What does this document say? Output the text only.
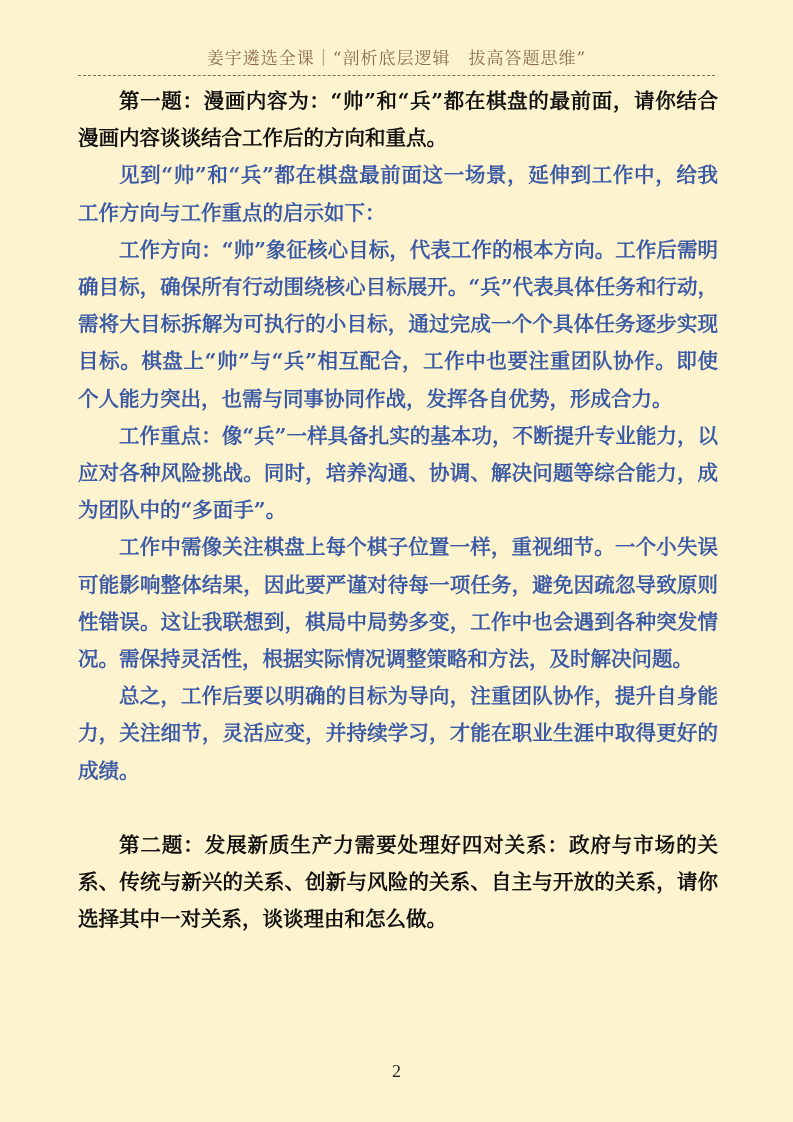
姜宇遴选全课｜“剖析底层逻辑　拔高答题思维”

第一题：漫画内容为：“帅”和“兵”都在棋盘的最前面，请你结合漫画内容谈谈结合工作后的方向和重点。

见到“帅”和“兵”都在棋盘最前面这一场景，延伸到工作中，给我工作方向与工作重点的启示如下：

工作方向：“帅”象征核心目标，代表工作的根本方向。工作后需明确目标，确保所有行动围绕核心目标展开。“兵”代表具体任务和行动，需将大目标拆解为可执行的小目标，通过完成一个个具体任务逐步实现目标。棋盘上“帅”与“兵”相互配合，工作中也要注重团队协作。即使个人能力突出，也需与同事协同作战，发挥各自优势，形成合力。

工作重点：像“兵”一样具备扎实的基本功，不断提升专业能力，以应对各种风险挑战。同时，培养沟通、协调、解决问题等综合能力，成为团队中的“多面手”。

工作中需像关注棋盘上每个棋子位置一样，重视细节。一个小失误可能影响整体结果，因此要严谨对待每一项任务，避免因疏忽导致原则性错误。这让我联想到，棋局中局势多变，工作中也会遇到各种突发情况。需保持灵活性，根据实际情况调整策略和方法，及时解决问题。

总之，工作后要以明确的目标为导向，注重团队协作，提升自身能力，关注细节，灵活应变，并持续学习，才能在职业生涯中取得更好的成绩。

第二题：发展新质生产力需要处理好四对关系：政府与市场的关系、传统与新兴的关系、创新与风险的关系、自主与开放的关系，请你选择其中一对关系，谈谈理由和怎么做。

2
